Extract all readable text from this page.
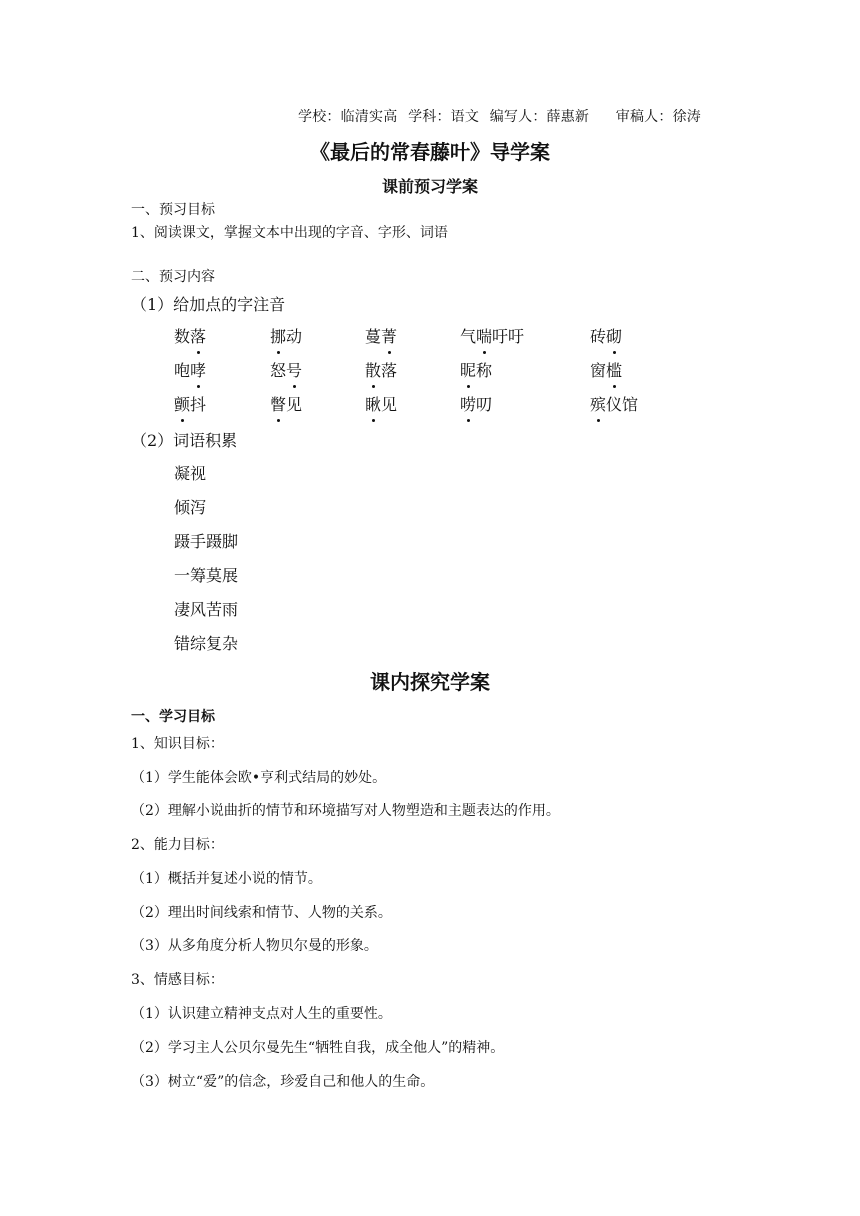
学校：临清实高 学科：语文 编写人：薛惠新 审稿人：徐涛
《最后的常春藤叶》导学案
课前预习学案
一、预习目标
1、阅读课文，掌握文本中出现的字音、字形、词语
二、预习内容
（1）给加点的字注音
数落	挪动	蔓菁	气喘吁吁	砖砌
咆哮	怒号	散落	昵称	窗槛
颤抖	瞥见	瞅见	唠叨	殡仪馆
（2）词语积累
凝视
倾泻
蹑手蹑脚
一筹莫展
凄风苦雨
错综复杂
课内探究学案
一、学习目标
1、知识目标：
（1）学生能体会欧•亨利式结局的妙处。
（2）理解小说曲折的情节和环境描写对人物塑造和主题表达的作用。
2、能力目标：
（1）概括并复述小说的情节。
（2）理出时间线索和情节、人物的关系。
（3）从多角度分析人物贝尔曼的形象。
3、情感目标：
（1）认识建立精神支点对人生的重要性。
（2）学习主人公贝尔曼先生“牺牲自我，成全他人”的精神。
（3）树立“爱”的信念，珍爱自己和他人的生命。
